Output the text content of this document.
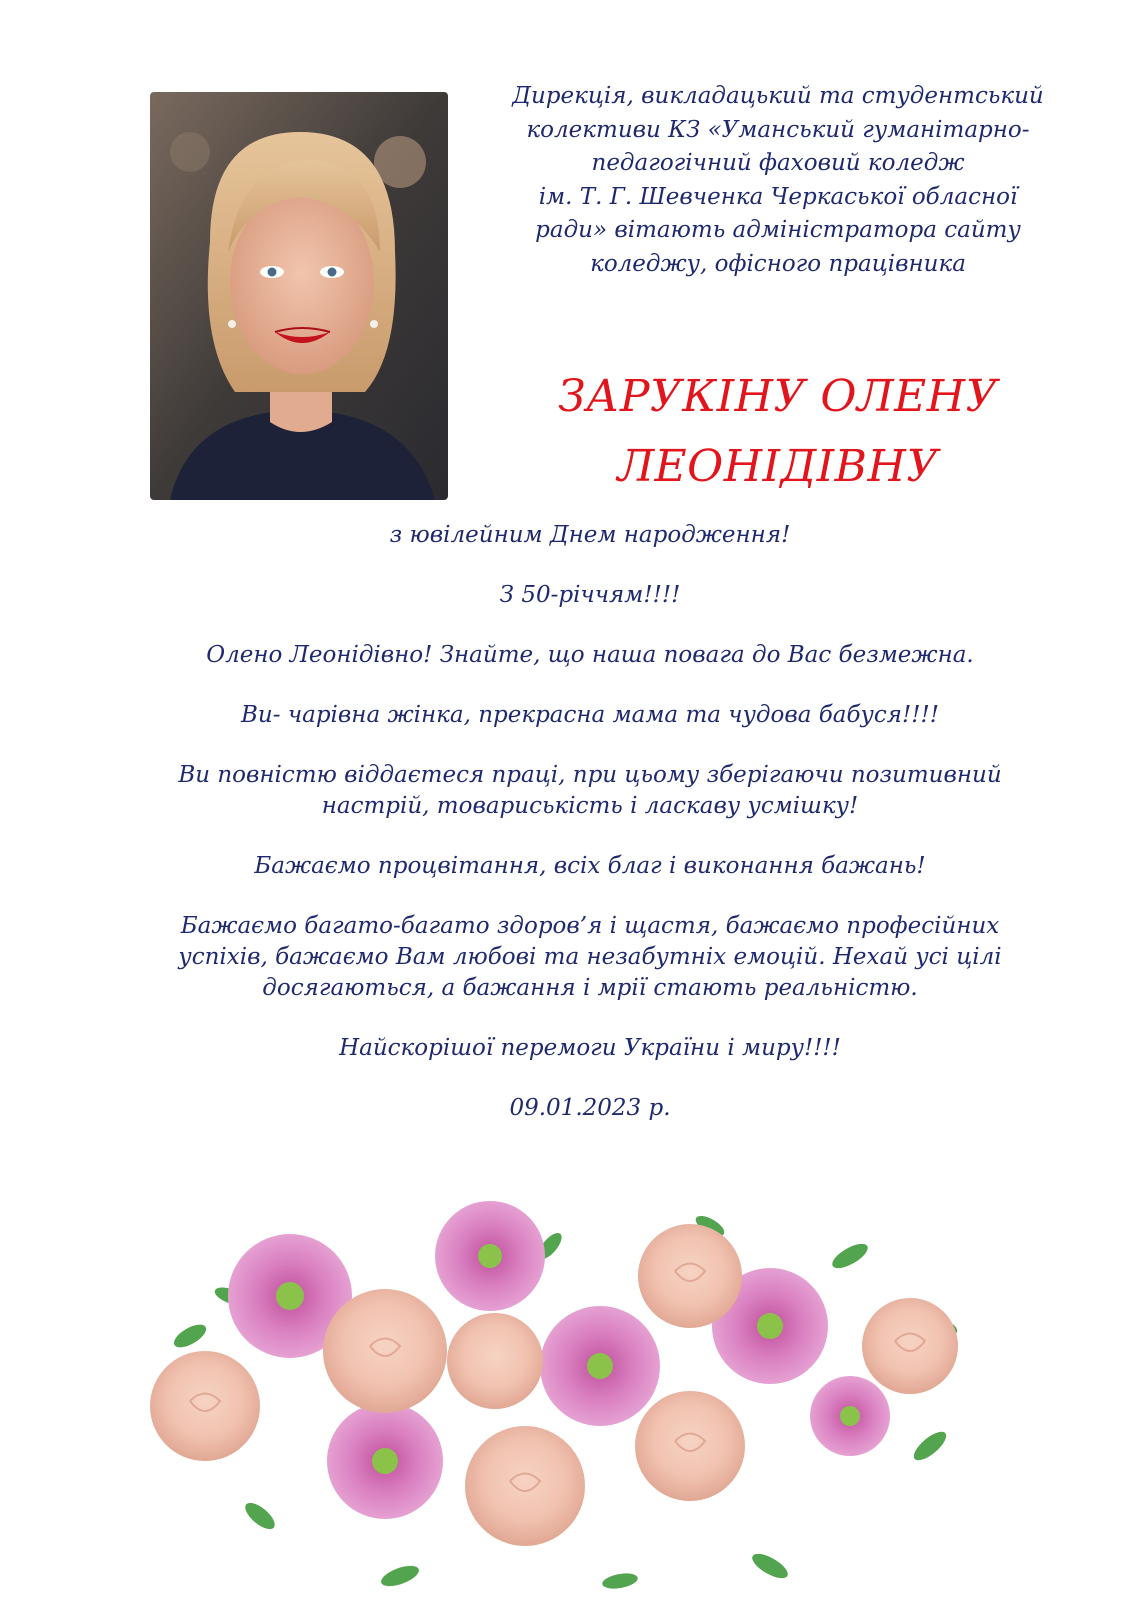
Дирекція, викладацький та студентський
колективи КЗ «Уманський гуманітарно-
педагогічний фаховий коледж
ім. Т. Г. Шевченка Черкаської обласної
ради» вітають адміністратора сайту
коледжу, офісного працівника
ЗАРУКІНУ ОЛЕНУ
ЛЕОНІДІВНУ
з ювілейним Днем народження!
З 50-річчям!!!!
Олено Леонідівно! Знайте, що наша повага до Вас безмежна.
Ви- чарівна жінка, прекрасна мама та чудова бабуся!!!!
Ви повністю віддаєтеся праці, при цьому зберігаючи позитивний
настрій, товариськість і ласкаву усмішку!
Бажаємо процвітання, всіх благ і виконання бажань!
Бажаємо багато-багато здоров’я і щастя, бажаємо професійних
успіхів, бажаємо Вам любові та незабутніх емоцій. Нехай усі цілі
досягаються, а бажання і мрії стають реальністю.
Найскорішої перемоги України і миру!!!!
09.01.2023 р.
